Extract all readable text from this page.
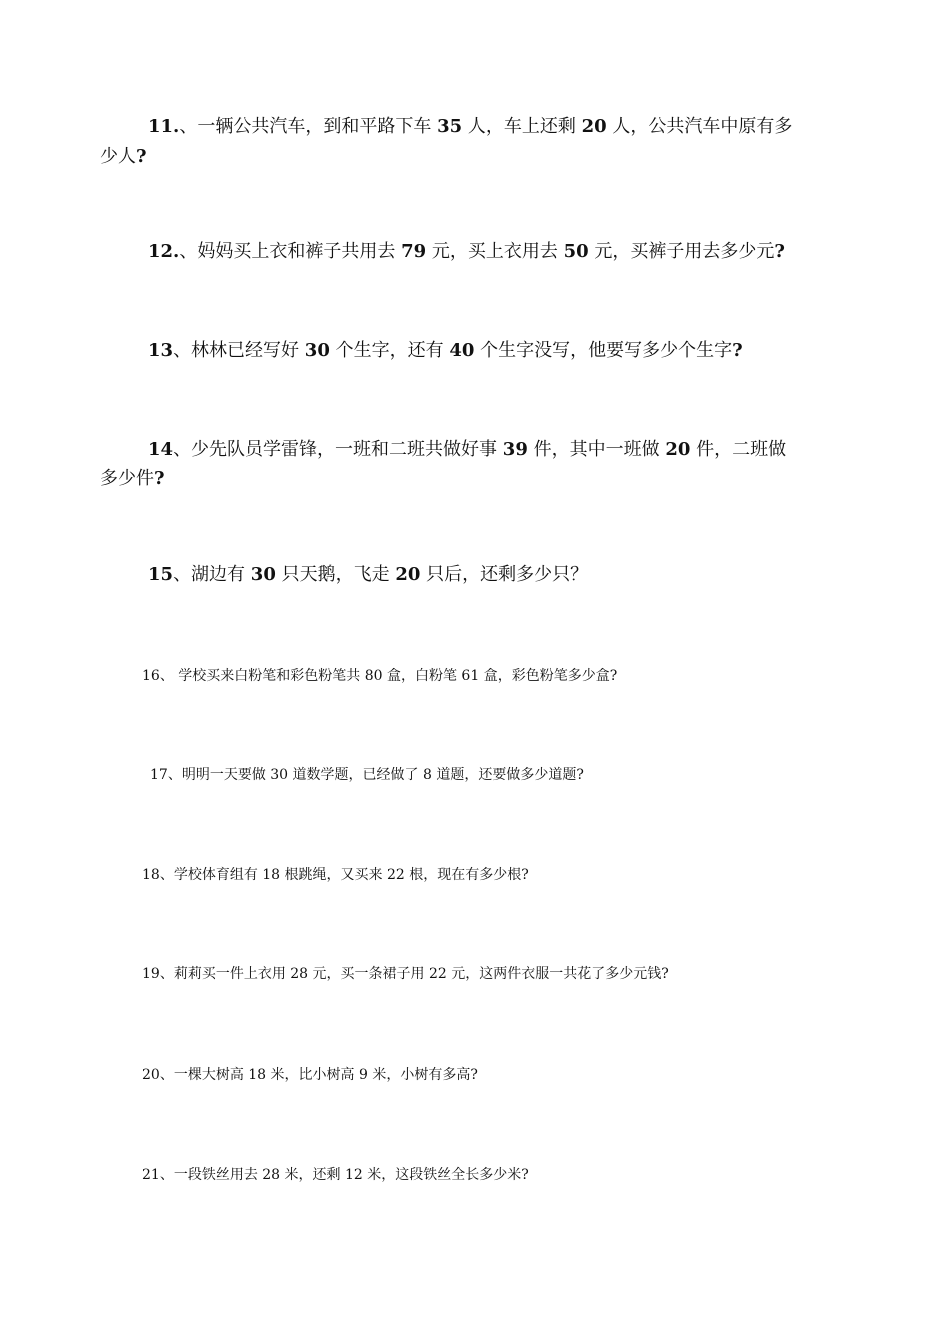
11.、一辆公共汽车，到和平路下车 35 人，车上还剩 20 人，公共汽车中原有多

少人?

12.、妈妈买上衣和裤子共用去 79 元，买上衣用去 50 元，买裤子用去多少元?

13、林林已经写好 30 个生字，还有 40 个生字没写，他要写多少个生字?

14、少先队员学雷锋，一班和二班共做好事 39 件，其中一班做 20 件，二班做

多少件?

15、湖边有 30 只天鹅，飞走 20 只后，还剩多少只？

16、 学校买来白粉笔和彩色粉笔共 80 盒，白粉笔 61 盒，彩色粉笔多少盒?

17、明明一天要做 30 道数学题，已经做了 8 道题，还要做多少道题?

18、学校体育组有 18 根跳绳，又买来 22 根，现在有多少根?

19、莉莉买一件上衣用 28 元，买一条裙子用 22 元，这两件衣服一共花了多少元钱?

20、一棵大树高 18 米，比小树高 9 米，小树有多高?

21、一段铁丝用去 28 米，还剩 12 米，这段铁丝全长多少米?
